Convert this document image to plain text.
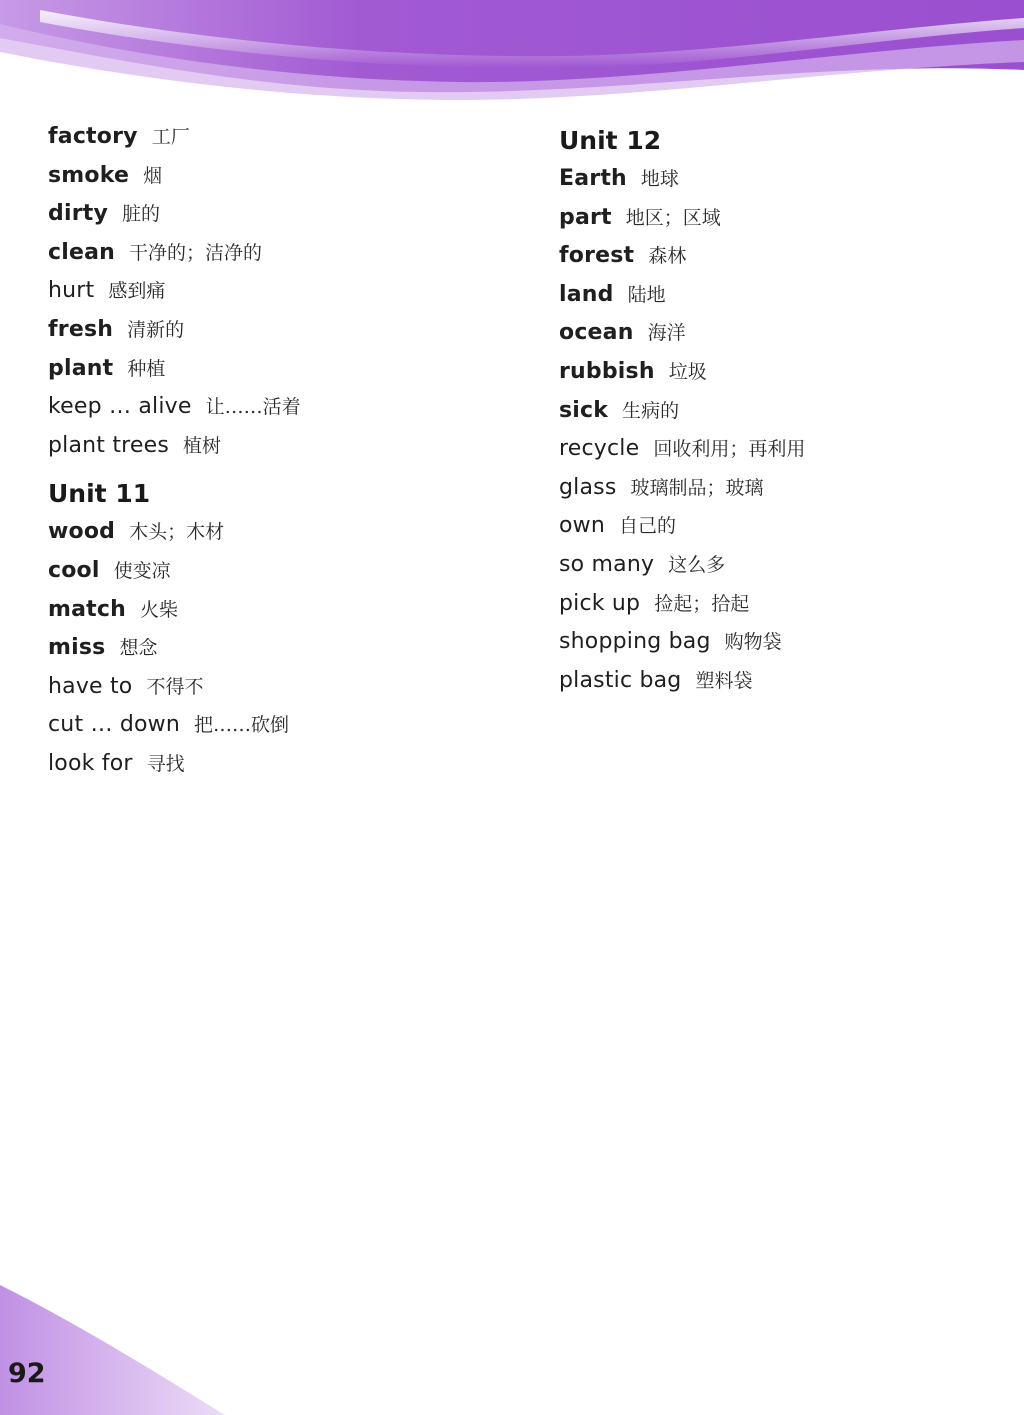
factory 工厂
smoke 烟
dirty 脏的
clean 干净的；洁净的
hurt 感到痛
fresh 清新的
plant 种植
keep … alive 让……活着
plant trees 植树
Unit 11
wood 木头；木材
cool 使变凉
match 火柴
miss 想念
have to 不得不
cut … down 把……砍倒
look for 寻找
Unit 12
Earth 地球
part 地区；区域
forest 森林
land 陆地
ocean 海洋
rubbish 垃圾
sick 生病的
recycle 回收利用；再利用
glass 玻璃制品；玻璃
own 自己的
so many 这么多
pick up 捡起；拾起
shopping bag 购物袋
plastic bag 塑料袋
92
